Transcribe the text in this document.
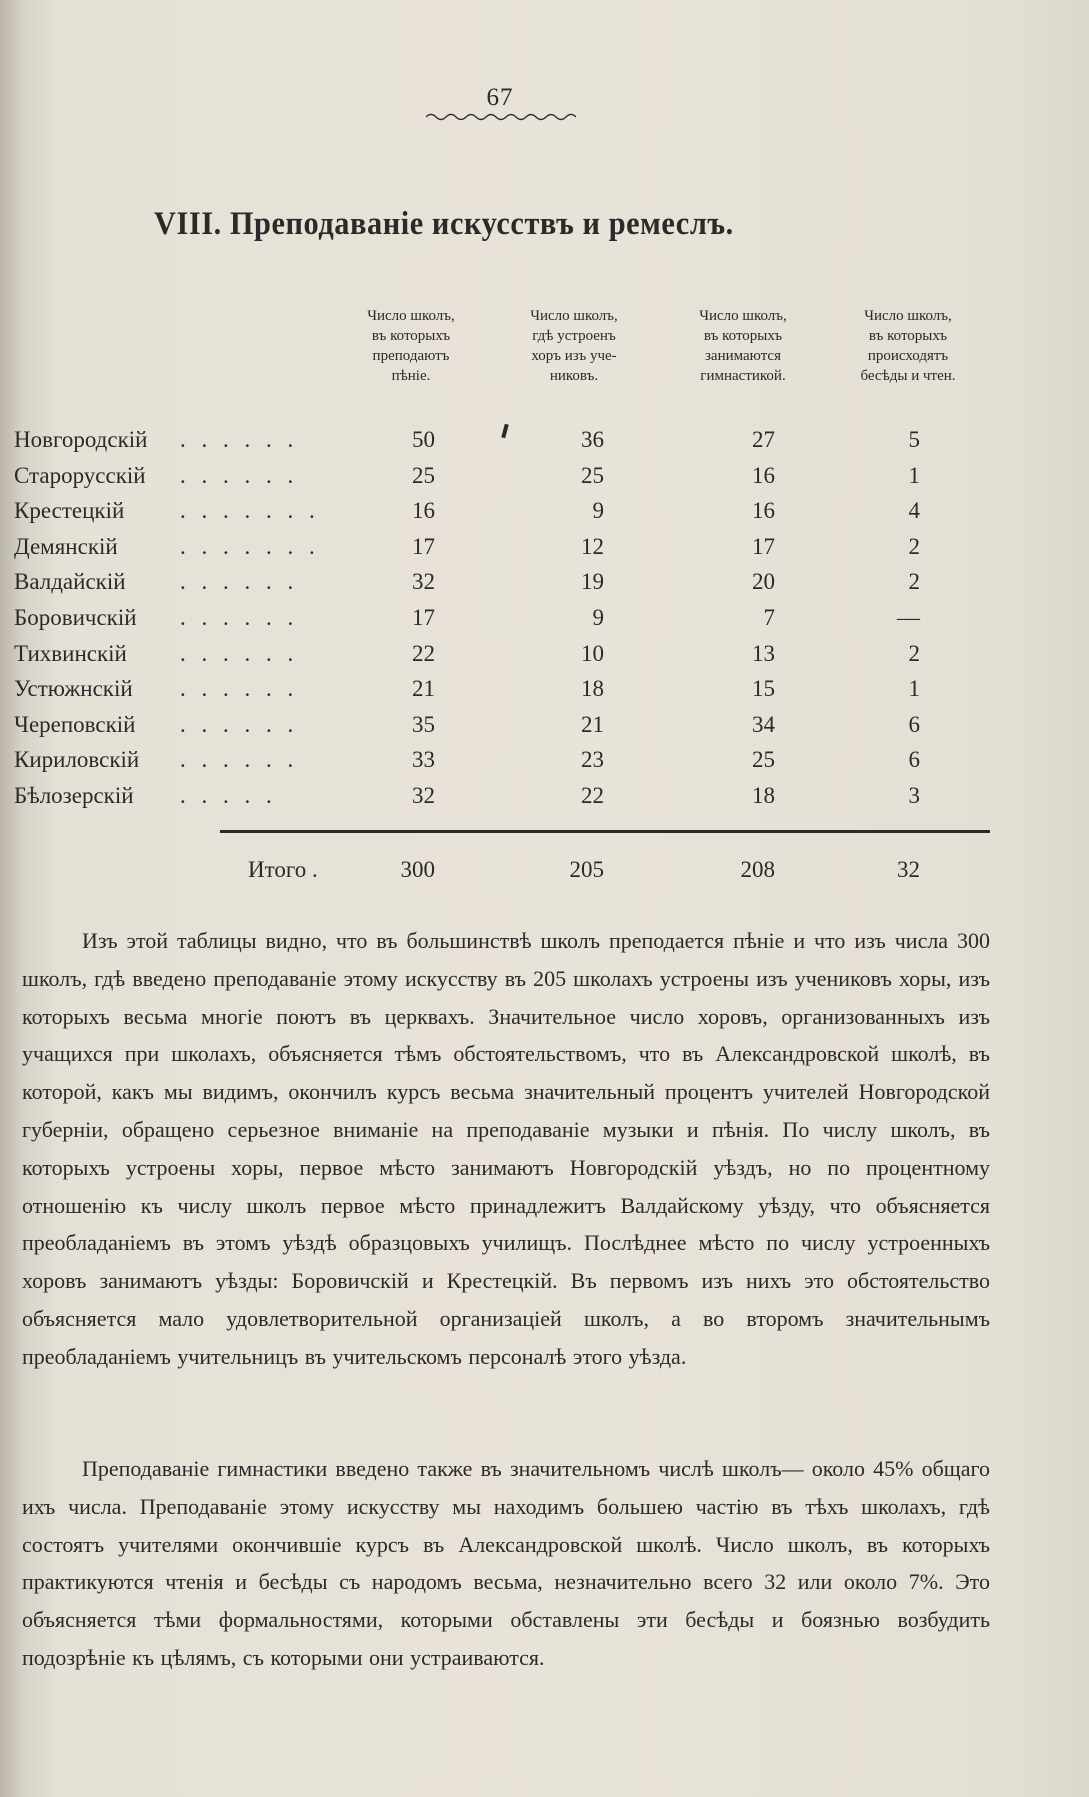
67
VIII. Преподаванiе искусствъ и ремеслъ.
Число школъ,
въ которыхъ
преподаютъ
пѣнiе.
Число школъ,
гдѣ устроенъ
хоръ изъ уче-
никовъ.
Число школъ,
въ которыхъ
занимаются
гимнастикой.
Число школъ,
въ которыхъ
происходятъ
бесѣды и чтен.
Новгородскiй . . . . . .	50	36	27	5
Старорусскiй . . . . . .	25	25	16	1
Крестецкiй . . . . . . .	16	9	16	4
Демянскiй	. . . . . . .	17	12	17	2
Валдайскiй . . . . . .	32	19	20	2
Боровичскiй . . . . . .	17	9	7	—
Тихвинскiй . . . . . .	22	10	13	2
Устюжнскiй . . . . . .	21	18	15	1
Череповскiй . . . . . .	35	21	34	6
Кириловскiй . . . . . .	33	23	25	6
Бѣлозерскiй . . . . .	32	22	18	3
Итого .	300	205	208	32
Изъ этой таблицы видно, что въ большинствѣ школъ преподается пѣнiе и что изъ числа 300 школъ, гдѣ введено преподаванiе этому искусству въ 205 школахъ устроены изъ учениковъ хоры, изъ которыхъ весьма многiе поютъ въ церквахъ. Значительное число хоровъ, организованныхъ изъ учащихся при школахъ, объясняется тѣмъ обстоятельствомъ, что въ Александровской школѣ, въ которой, какъ мы видимъ, окончилъ курсъ весьма значительный процентъ учителей Новгородской губернiи, обращено серьезное вниманiе на преподаванiе музыки и пѣнiя. По числу школъ, въ которыхъ устроены хоры, первое мѣсто занимаютъ Новгородскiй уѣздъ, но по процентному отношенiю къ числу школъ первое мѣсто принадлежитъ Валдайскому уѣзду, что объясняется преобладанiемъ въ этомъ уѣздѣ образцовыхъ училищъ. Послѣднее мѣсто по числу устроенныхъ хоровъ занимаютъ уѣзды: Боровичскiй и Крестецкiй. Въ первомъ изъ нихъ это обстоятельство объясняется мало удовлетворительной организацiей школъ, а во второмъ значительнымъ преобладанiемъ учительницъ въ учительскомъ персоналѣ этого уѣзда.
Преподаванiе гимнастики введено также въ значительномъ числѣ школъ— около 45% общаго ихъ числа. Преподаванiе этому искусству мы находимъ большею частiю въ тѣхъ школахъ, гдѣ состоятъ учителями окончившiе курсъ въ Александровской школѣ. Число школъ, въ которыхъ практикуются чтенiя и бесѣды съ народомъ весьма, незначительно всего 32 или около 7%. Это объясняется тѣми формальностями, которыми обставлены эти бесѣды и боязнью возбудить подозрѣнiе къ цѣлямъ, съ которыми они устраиваются.
